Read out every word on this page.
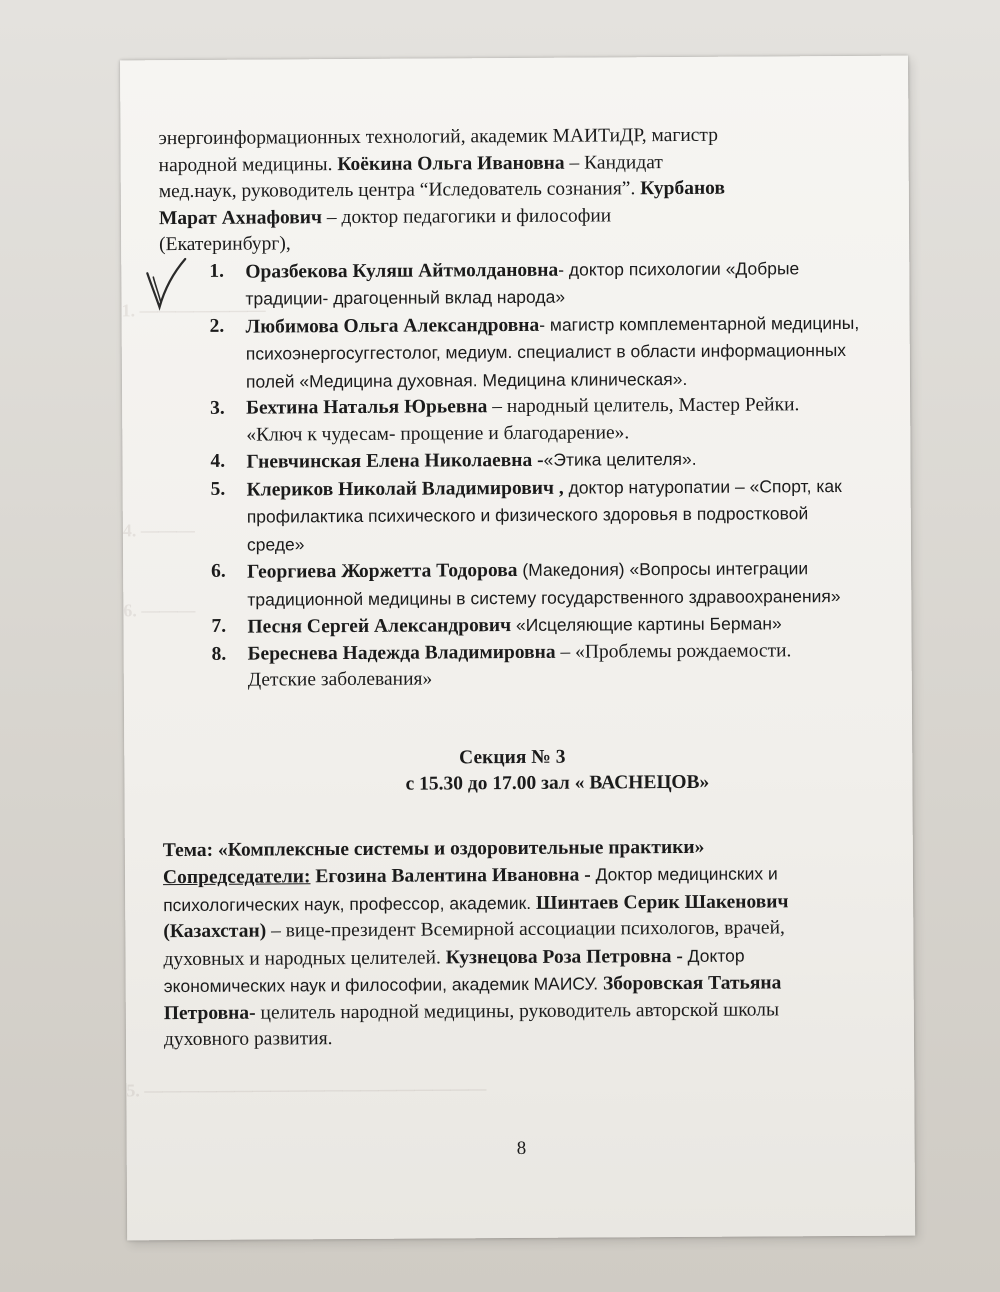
1. ———————
4. ———
6. ———
5. ———————————————————

энергоинформационных технологий, академик МАИТиДР, магистр

народной медицины. Коёкина Ольга Ивановна – Кандидат

мед.наук, руководитель центра “Иследователь сознания”. Курбанов

Марат Ахнафович – доктор педагогики и философии

(Екатеринбург),

1.	Оразбекова Куляш Айтмолдановна- доктор психологии «Добрые традиции- драгоценный вклад народа»
2.	Любимова Ольга Александровна- магистр комплементарной медицины, психоэнергосуггестолог, медиум. специалист в области информационных полей «Медицина духовная. Медицина клиническая».
3.	Бехтина Наталья Юрьевна – народный целитель, Мастер Рейки. «Ключ к чудесам- прощение и благодарение».
4.	Гневчинская Елена Николаевна -«Этика целителя».
5.	Клериков Николай Владимирович , доктор натуропатии – «Спорт, как профилактика психического и физического здоровья в подростковой среде»
6.	Георгиева Жоржетта Тодорова (Македония) «Вопросы интеграции традиционной медицины в систему государственного здравоохранения»
7.	Песня Сергей Александрович «Исцеляющие картины Берман»
8.	Береснева Надежда Владимировна – «Проблемы рождаемости. Детские заболевания»
Секция № 3
с 15.30 до 17.00 зал « ВАСНЕЦОВ»

Тема: «Комплексные системы и оздоровительные практики»

Сопредседатели: Егозина Валентина Ивановна - Доктор медицинских и психологических наук, профессор, академик. Шинтаев Серик Шакенович (Казахстан) – вице-президент Всемирной ассоциации психологов, врачей, духовных и народных целителей. Кузнецова Роза Петровна - Доктор экономических наук и философии, академик МАИСУ. Зборовская Татьяна Петровна- целитель народной медицины, руководитель авторской школы духовного развития.

8
